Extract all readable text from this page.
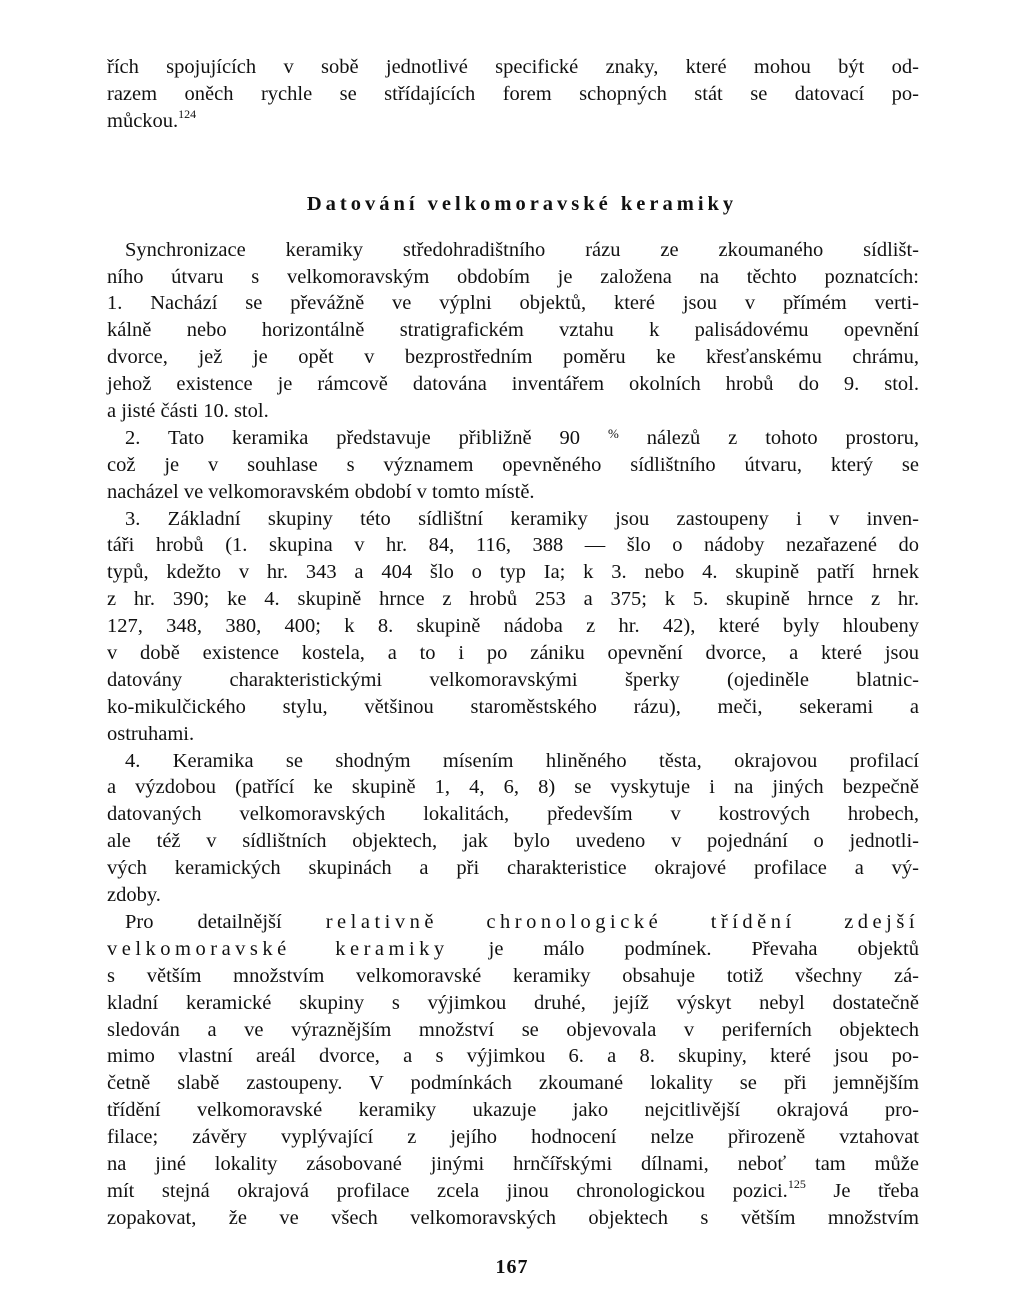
řích spojujících v sobě jednotlivé specifické znaky, které mohou být od-
razem oněch rychle se střídajících forem schopných stát se datovací po-
můckou.$^{124}$
Datování velkomoravské keramiky
Synchronizace keramiky středohradištního rázu ze zkoumaného sídlišt-
ního útvaru s velkomoravským obdobím je založena na těchto poznatcích:
1. Nachází se převážně ve výplni objektů, které jsou v přímém verti-
kálně nebo horizontálně stratigrafickém vztahu k palisádovému opevnění
dvorce, jež je opět v bezprostředním poměru ke křesťanskému chrámu,
jehož existence je rámcově datována inventářem okolních hrobů do 9. stol.
a jisté části 10. stol.
2. Tato keramika představuje přibližně 90 % nálezů z tohoto prostoru,
což je v souhlase s významem opevněného sídlištního útvaru, který se
nacházel ve velkomoravském období v tomto místě.
3. Základní skupiny této sídlištní keramiky jsou zastoupeny i v inven-
táři hrobů (1. skupina v hr. 84, 116, 388 — šlo o nádoby nezařazené do
typů, kdežto v hr. 343 a 404 šlo o typ Ia; k 3. nebo 4. skupině patří hrnek
z hr. 390; ke 4. skupině hrnce z hrobů 253 a 375; k 5. skupině hrnce z hr.
127, 348, 380, 400; k 8. skupině nádoba z hr. 42), které byly hloubeny
v době existence kostela, a to i po zániku opevnění dvorce, a které jsou
datovány charakteristickými velkomoravskými šperky (ojediněle blatnic-
ko-mikulčického stylu, většinou staroměstského rázu), meči, sekerami a
ostruhami.
4. Keramika se shodným mísením hliněného těsta, okrajovou profilací
a výzdobou (patřící ke skupině 1, 4, 6, 8) se vyskytuje i na jiných bezpečně
datovaných velkomoravských lokalitách, především v kostrových hrobech,
ale též v sídlištních objektech, jak bylo uvedeno v pojednání o jednotli-
vých keramických skupinách a při charakteristice okrajové profilace a vý-
zdoby.
Pro detailnější relativně chronologické třídění zdejší
velkomoravské keramiky je málo podmínek. Převaha objektů
s větším množstvím velkomoravské keramiky obsahuje totiž všechny zá-
kladní keramické skupiny s výjimkou druhé, jejíž výskyt nebyl dostatečně
sledován a ve výraznějším množství se objevovala v periferních objektech
mimo vlastní areál dvorce, a s výjimkou 6. a 8. skupiny, které jsou po-
četně slabě zastoupeny. V podmínkách zkoumané lokality se při jemnějším
třídění velkomoravské keramiky ukazuje jako nejcitlivější okrajová pro-
filace; závěry vyplývající z jejího hodnocení nelze přirozeně vztahovat
na jiné lokality zásobované jinými hrnčířskými dílnami, neboť tam může
mít stejná okrajová profilace zcela jinou chronologickou pozici.$^{125}$ Je třeba
zopakovat, že ve všech velkomoravských objektech s větším množstvím
167
